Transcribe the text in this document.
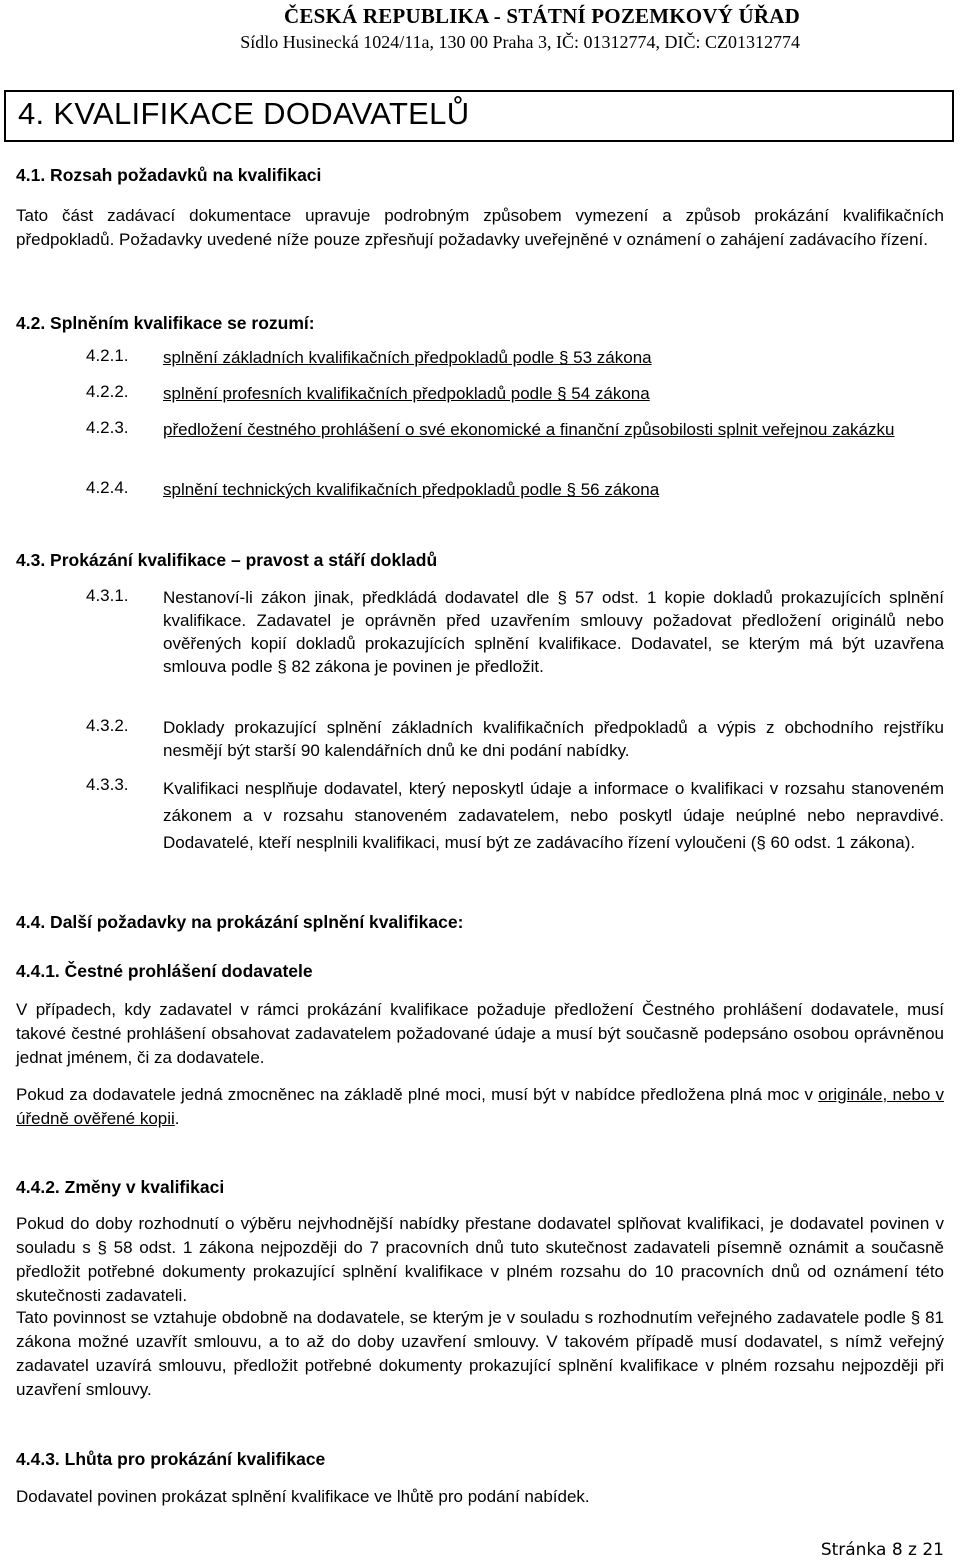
ČESKÁ REPUBLIKA - STÁTNÍ POZEMKOVÝ ÚŘAD
Sídlo Husinecká 1024/11a, 130 00 Praha 3, IČ: 01312774, DIČ: CZ01312774
4. KVALIFIKACE DODAVATELŮ
4.1. Rozsah požadavků na kvalifikaci
Tato část zadávací dokumentace upravuje podrobným způsobem vymezení a způsob prokázání kvalifikačních předpokladů. Požadavky uvedené níže pouze zpřesňují požadavky uveřejněné v oznámení o zahájení zadávacího řízení.
4.2. Splněním kvalifikace se rozumí:
4.2.1. splnění základních kvalifikačních předpokladů podle § 53 zákona
4.2.2. splnění profesních kvalifikačních předpokladů podle § 54 zákona
4.2.3. předložení čestného prohlášení o své ekonomické a finanční způsobilosti splnit veřejnou zakázku
4.2.4. splnění technických kvalifikačních předpokladů podle § 56 zákona
4.3. Prokázání kvalifikace – pravost a stáří dokladů
4.3.1. Nestanoví-li zákon jinak, předkládá dodavatel dle § 57 odst. 1 kopie dokladů prokazujících splnění kvalifikace. Zadavatel je oprávněn před uzavřením smlouvy požadovat předložení originálů nebo ověřených kopií dokladů prokazujících splnění kvalifikace. Dodavatel, se kterým má být uzavřena smlouva podle § 82 zákona je povinen je předložit.
4.3.2. Doklady prokazující splnění základních kvalifikačních předpokladů a výpis z obchodního rejstříku nesmějí být starší 90 kalendářních dnů ke dni podání nabídky.
4.3.3. Kvalifikaci nesplňuje dodavatel, který neposkytl údaje a informace o kvalifikaci v rozsahu stanoveném zákonem a v rozsahu stanoveném zadavatelem, nebo poskytl údaje neúplné nebo nepravdivé. Dodavatelé, kteří nesplnili kvalifikaci, musí být ze zadávacího řízení vyloučeni (§ 60 odst. 1 zákona).
4.4. Další požadavky na prokázání splnění kvalifikace:
4.4.1. Čestné prohlášení dodavatele
V případech, kdy zadavatel v rámci prokázání kvalifikace požaduje předložení Čestného prohlášení dodavatele, musí takové čestné prohlášení obsahovat zadavatelem požadované údaje a musí být současně podepsáno osobou oprávněnou jednat jménem, či za dodavatele.
Pokud za dodavatele jedná zmocněnec na základě plné moci, musí být v nabídce předložena plná moc v originále, nebo v úředně ověřené kopii.
4.4.2. Změny v kvalifikaci
Pokud do doby rozhodnutí o výběru nejvhodnější nabídky přestane dodavatel splňovat kvalifikaci, je dodavatel povinen v souladu s § 58 odst. 1 zákona nejpozději do 7 pracovních dnů tuto skutečnost zadavateli písemně oznámit a současně předložit potřebné dokumenty prokazující splnění kvalifikace v plném rozsahu do 10 pracovních dnů od oznámení této skutečnosti zadavateli.
Tato povinnost se vztahuje obdobně na dodavatele, se kterým je v souladu s rozhodnutím veřejného zadavatele podle § 81 zákona možné uzavřít smlouvu, a to až do doby uzavření smlouvy. V takovém případě musí dodavatel, s nímž veřejný zadavatel uzavírá smlouvu, předložit potřebné dokumenty prokazující splnění kvalifikace v plném rozsahu nejpozději při uzavření smlouvy.
4.4.3. Lhůta pro prokázání kvalifikace
Dodavatel povinen prokázat splnění kvalifikace ve lhůtě pro podání nabídek.
Stránka 8 z 21
